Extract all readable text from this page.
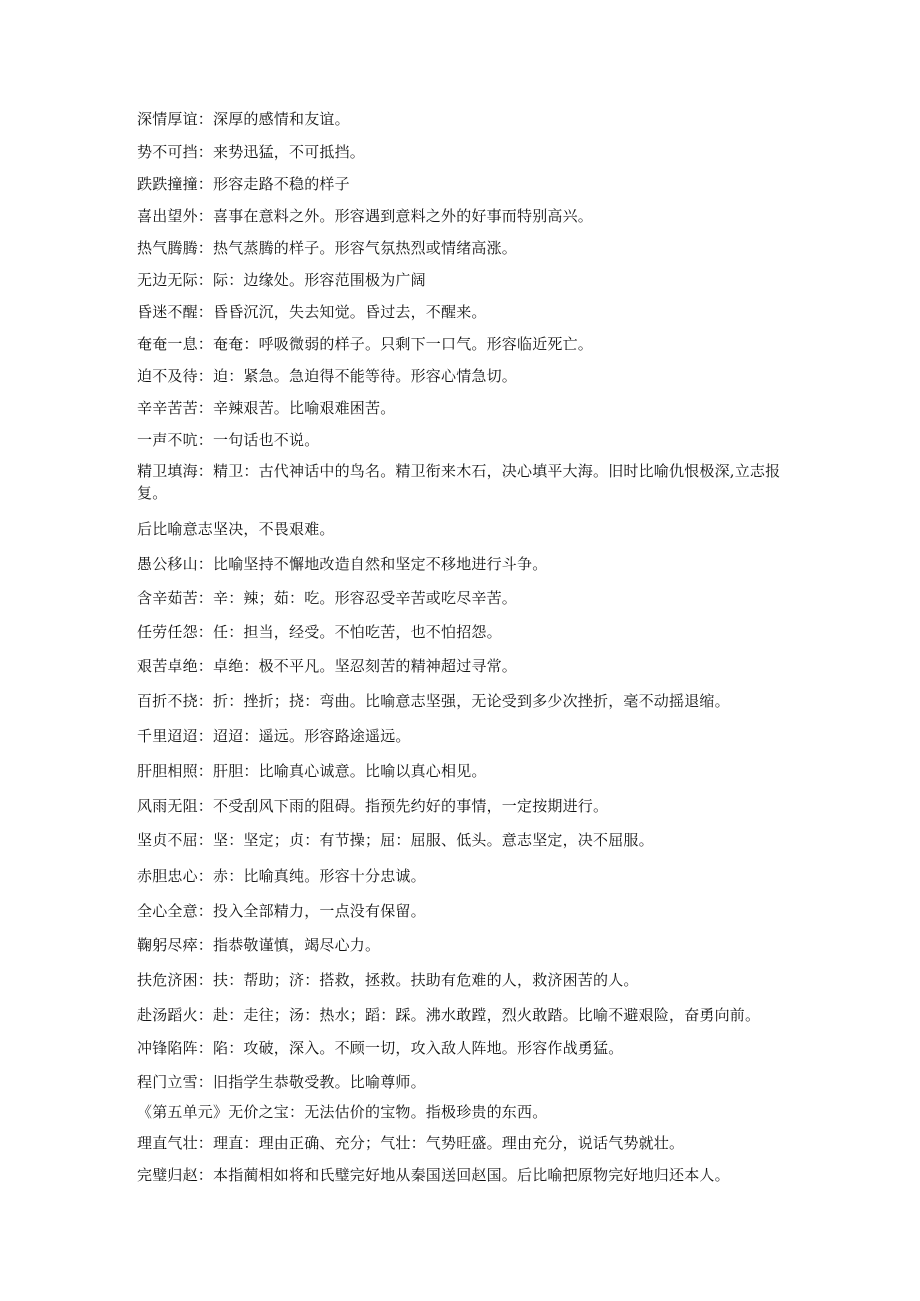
深情厚谊：深厚的感情和友谊。
势不可挡：来势迅猛，不可抵挡。
跌跌撞撞：形容走路不稳的样子
喜出望外：喜事在意料之外。形容遇到意料之外的好事而特别高兴。
热气腾腾：热气蒸腾的样子。形容气氛热烈或情绪高涨。
无边无际：际：边缘处。形容范围极为广阔
昏迷不醒：昏昏沉沉，失去知觉。昏过去，不醒来。
奄奄一息：奄奄：呼吸微弱的样子。只剩下一口气。形容临近死亡。
迫不及待：迫：紧急。急迫得不能等待。形容心情急切。
辛辛苦苦：辛辣艰苦。比喻艰难困苦。
一声不吭：一句话也不说。
精卫填海：精卫：古代神话中的鸟名。精卫衔来木石，决心填平大海。旧时比喻仇恨极深,立志报复。
后比喻意志坚决，不畏艰难。
愚公移山：比喻坚持不懈地改造自然和坚定不移地进行斗争。
含辛茹苦：辛：辣；茹：吃。形容忍受辛苦或吃尽辛苦。
任劳任怨：任：担当，经受。不怕吃苦，也不怕招怨。
艰苦卓绝：卓绝：极不平凡。坚忍刻苦的精神超过寻常。
百折不挠：折：挫折；挠：弯曲。比喻意志坚强，无论受到多少次挫折，毫不动摇退缩。
千里迢迢：迢迢：遥远。形容路途遥远。
肝胆相照：肝胆：比喻真心诚意。比喻以真心相见。
风雨无阻：不受刮风下雨的阻碍。指预先约好的事情，一定按期进行。
坚贞不屈：坚：坚定；贞：有节操；屈：屈服、低头。意志坚定，决不屈服。
赤胆忠心：赤：比喻真纯。形容十分忠诚。
全心全意：投入全部精力，一点没有保留。
鞠躬尽瘁：指恭敬谨慎，竭尽心力。
扶危济困：扶：帮助；济：搭救，拯救。扶助有危难的人，救济困苦的人。
赴汤蹈火：赴：走往；汤：热水；蹈：踩。沸水敢蹚，烈火敢踏。比喻不避艰险，奋勇向前。
冲锋陷阵：陷：攻破，深入。不顾一切，攻入敌人阵地。形容作战勇猛。
程门立雪：旧指学生恭敬受教。比喻尊师。
《第五单元》无价之宝：无法估价的宝物。指极珍贵的东西。
理直气壮：理直：理由正确、充分；气壮：气势旺盛。理由充分，说话气势就壮。
完璧归赵：本指蔺相如将和氏璧完好地从秦国送回赵国。后比喻把原物完好地归还本人。
